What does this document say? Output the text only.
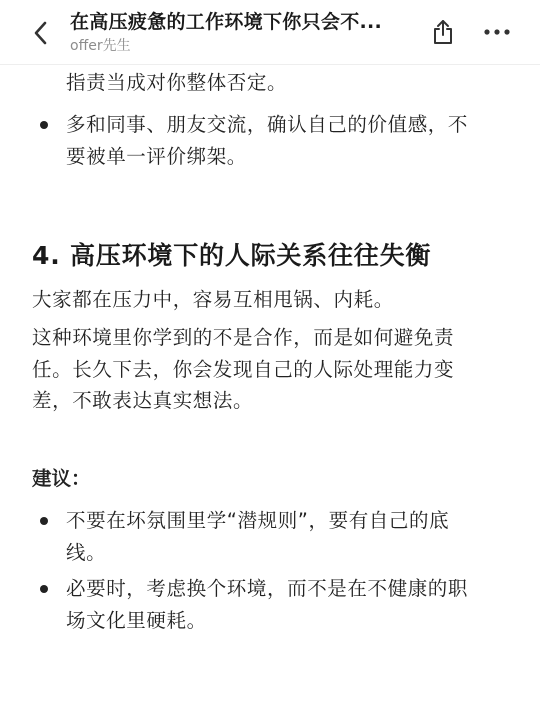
在高压疲惫的工作环境下你只会不...
offer先生
指责当成对你整体否定。
多和同事、朋友交流，确认自己的价值感，不
要被单一评价绑架。
4. 高压环境下的人际关系往往失衡
大家都在压力中，容易互相甩锅、内耗。
这种环境里你学到的不是合作，而是如何避免责
任。长久下去，你会发现自己的人际处理能力变
差，不敢表达真实想法。
建议：
不要在坏氛围里学“潜规则”，要有自己的底
线。
必要时，考虑换个环境，而不是在不健康的职
场文化里硬耗。
